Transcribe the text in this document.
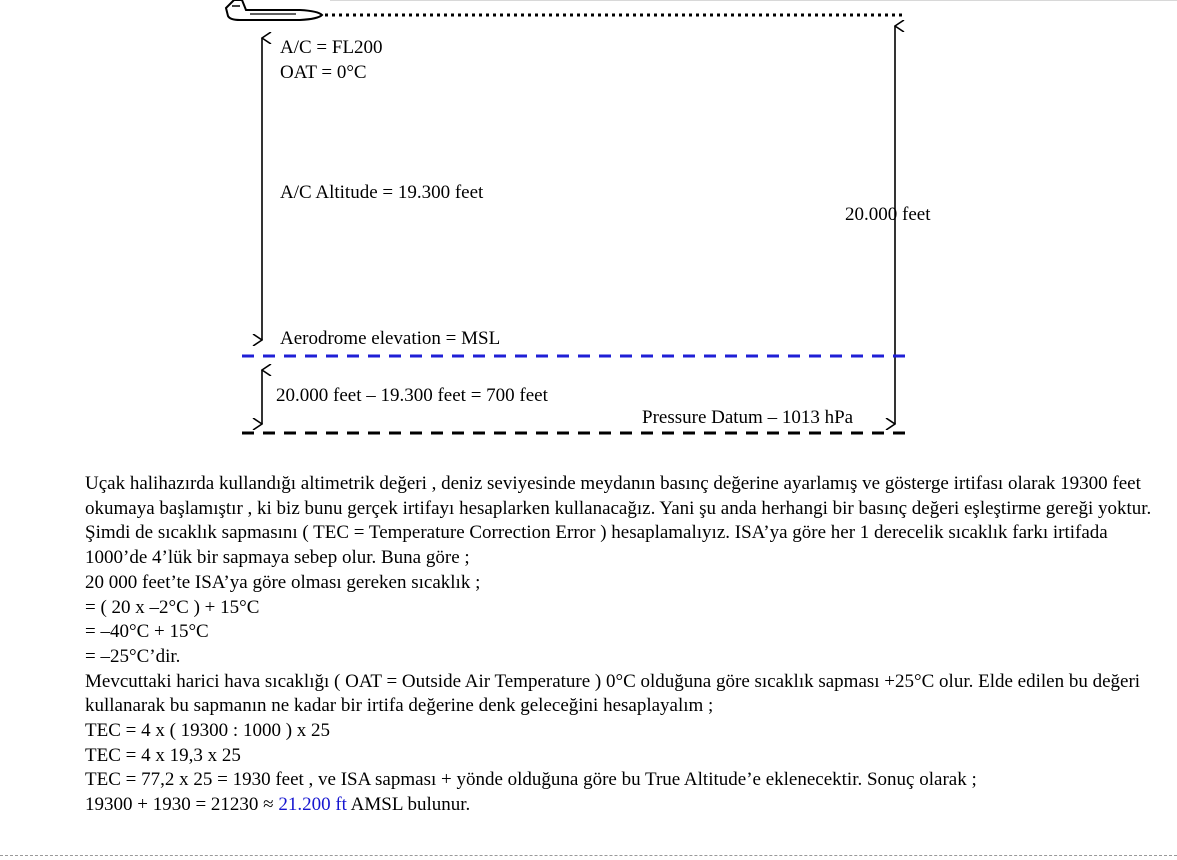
A/C = FL200
OAT = 0°C
A/C Altitude = 19.300 feet
20.000 feet
Aerodrome elevation = MSL
20.000 feet – 19.300 feet = 700 feet
Pressure Datum – 1013 hPa

Uçak halihazırda kullandığı altimetrik değeri , deniz seviyesinde meydanın basınç değerine ayarlamış ve gösterge irtifası olarak 19300 feet okumaya başlamıştır , ki biz bunu gerçek irtifayı hesaplarken kullanacağız. Yani şu anda herhangi bir basınç değeri eşleştirme gereği yoktur.

Şimdi de sıcaklık sapmasını ( TEC = Temperature Correction Error ) hesaplamalıyız. ISA’ya göre her 1 derecelik sıcaklık farkı irtifada 1000’de 4’lük bir sapmaya sebep olur. Buna göre ;

20 000 feet’te ISA’ya göre olması gereken sıcaklık ;

= ( 20 x –2°C ) + 15°C

= –40°C + 15°C

= –25°C’dir.

Mevcuttaki harici hava sıcaklığı ( OAT = Outside Air Temperature ) 0°C olduğuna göre sıcaklık sapması +25°C olur. Elde edilen bu değeri kullanarak bu sapmanın ne kadar bir irtifa değerine denk geleceğini hesaplayalım ;

TEC = 4 x ( 19300 : 1000 ) x 25

TEC = 4 x 19,3 x 25

TEC = 77,2 x 25 = 1930 feet , ve ISA sapması + yönde olduğuna göre bu True Altitude’e eklenecektir. Sonuç olarak ;

19300 + 1930 = 21230 ≈ 21.200 ft AMSL bulunur.
